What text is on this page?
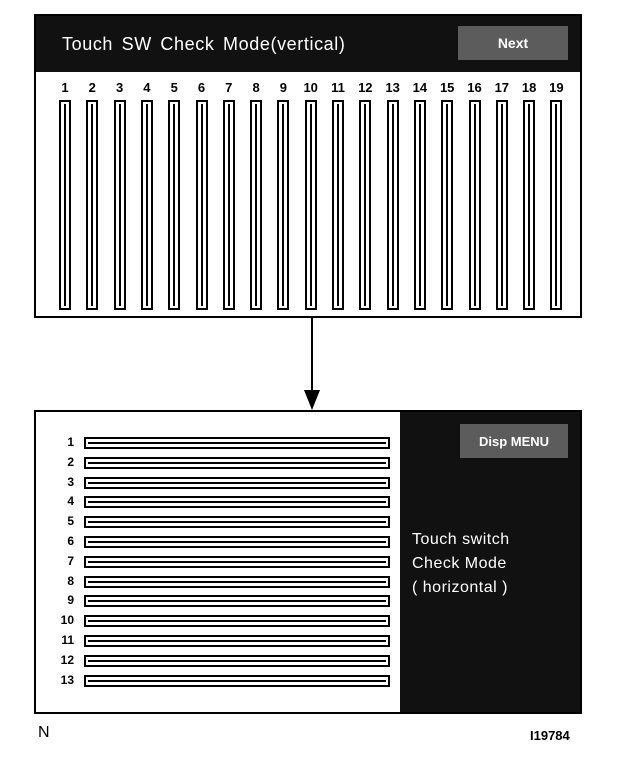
Touch SW Check Mode(vertical)	Next
1	2	3	4	5	6	7	8	9	10	11	12 13 14 15 16 17 18 19
1
2
3
4
5
6
7
8
9
10
11
12
13
Disp MENU
Touch switch
Check Mode
( horizontal )
N	I19784
